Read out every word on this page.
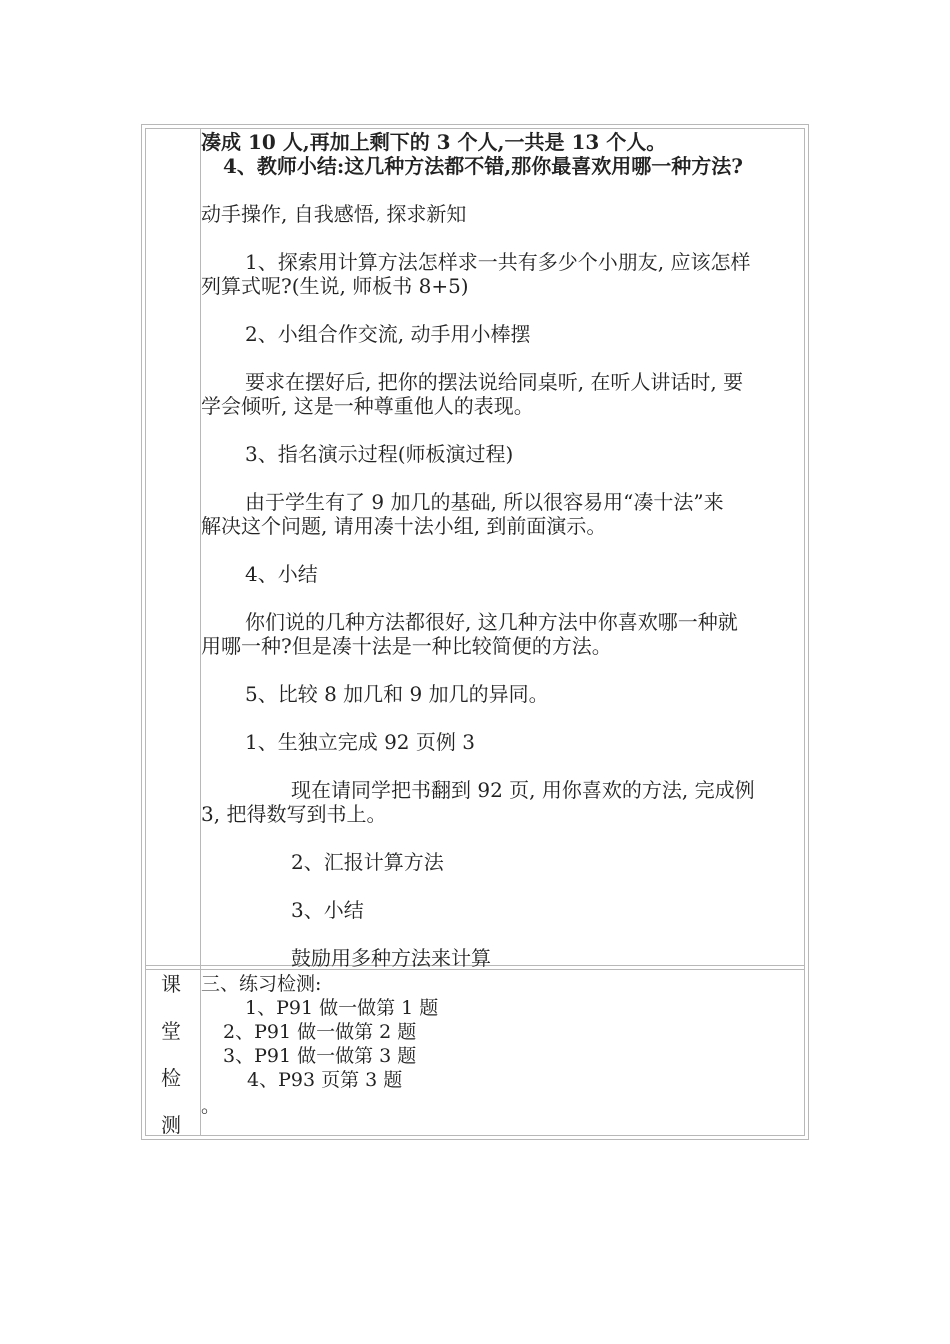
凑成 10 人,再加上剩下的 3 个人,一共是 13 个人。
4、教师小结:这几种方法都不错,那你最喜欢用哪一种方法?
动手操作, 自我感悟, 探求新知
1、探索用计算方法怎样求一共有多少个小朋友, 应该怎样
列算式呢?(生说, 师板书 8+5)
2、小组合作交流, 动手用小棒摆
要求在摆好后, 把你的摆法说给同桌听, 在听人讲话时, 要
学会倾听, 这是一种尊重他人的表现。
3、指名演示过程(师板演过程)
由于学生有了 9 加几的基础, 所以很容易用“凑十法”来
解决这个问题, 请用凑十法小组, 到前面演示。
4、小结
你们说的几种方法都很好, 这几种方法中你喜欢哪一种就
用哪一种?但是凑十法是一种比较简便的方法。
5、比较 8 加几和 9 加几的异同。
1、生独立完成 92 页例 3
现在请同学把书翻到 92 页, 用你喜欢的方法, 完成例
3, 把得数写到书上。
2、汇报计算方法
3、小结
鼓励用多种方法来计算
课
堂
检
测
三、练习检测:
1、P91 做一做第 1 题
2、P91 做一做第 2 题
3、P91 做一做第 3 题
4、P93 页第 3 题
。
